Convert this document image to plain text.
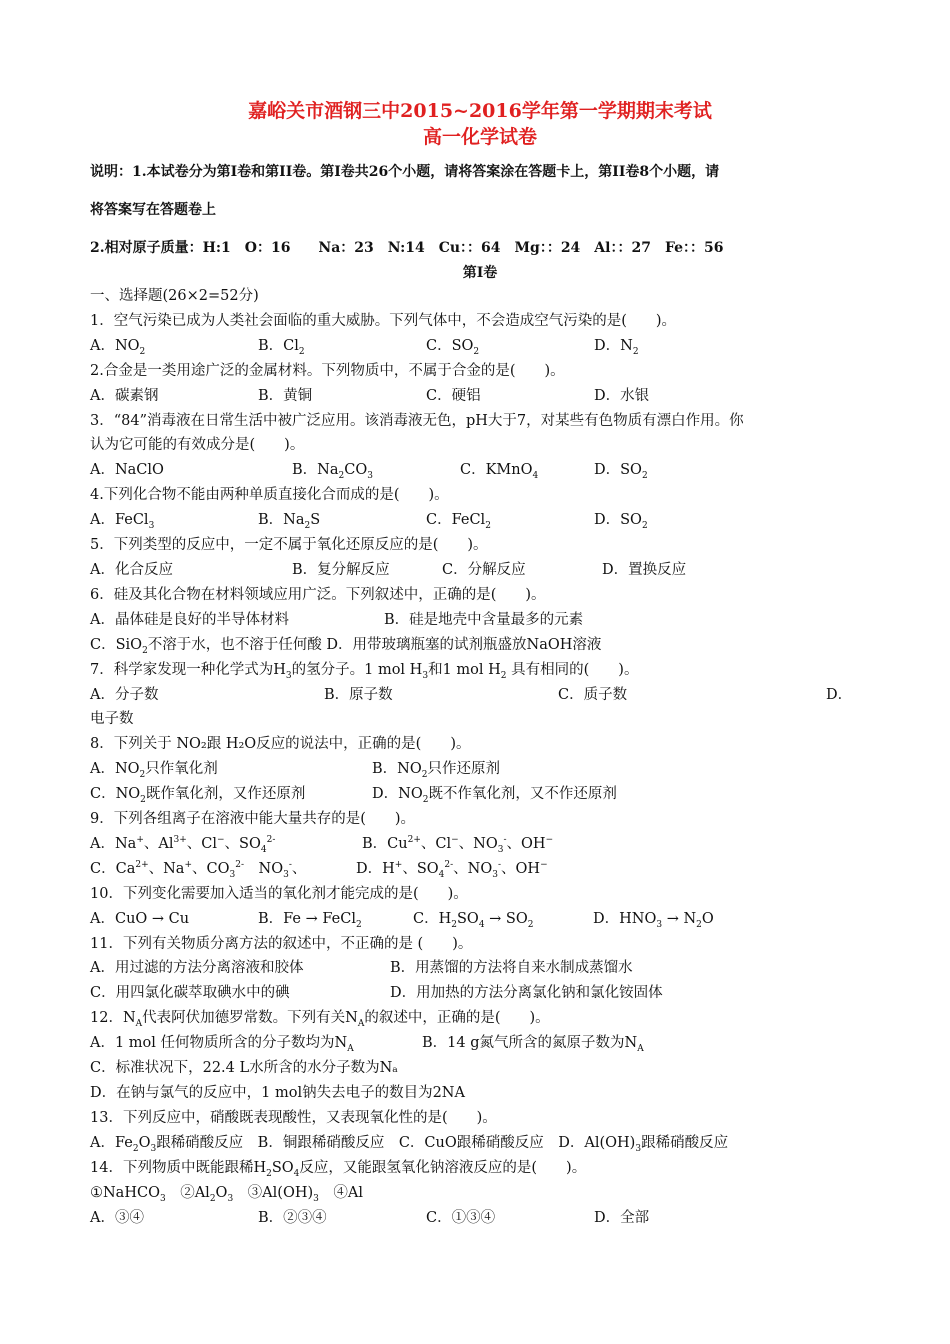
嘉峪关市酒钢三中2015~2016学年第一学期期末考试
高一化学试卷
说明：1.本试卷分为第I卷和第II卷。第I卷共26个小题，请将答案涂在答题卡上，第II卷8个小题，请
将答案写在答题卷上
2.相对原子质量：H:1　O：16　　Na：23　N:14　Cu：：64　Mg：：24　Al：：27　Fe：：56
第I卷
一、选择题(26×2=52分)
1．空气污染已成为人类社会面临的重大威胁。下列气体中，不会造成空气污染的是(　　)。
A．$NO_2$	B．$Cl_2$	C．$SO_2$	D．$N_2$
2.合金是一类用途广泛的金属材料。下列物质中，不属于合金的是(　　)。
A．碳素钢	B．黄铜	C．硬铝	D．水银
3．“84”消毒液在日常生活中被广泛应用。该消毒液无色，pH大于7，对某些有色物质有漂白作用。你
认为它可能的有效成分是(　　)。
A．NaClO	B．$Na_2CO_3$	C．KMnO$_4$	D．$SO_2$
4.下列化合物不能由两种单质直接化合而成的是(　　)。
A．FeCl$_3$	B．$Na_2S$	C．FeCl$_2$	D．$SO_2$
5．下列类型的反应中，一定不属于氧化还原反应的是(　　)。
A．化合反应	B．复分解反应	C．分解反应	D．置换反应
6．硅及其化合物在材料领域应用广泛。下列叙述中，正确的是(　　)。
A．晶体硅是良好的半导体材料	B．硅是地壳中含量最多的元素
C．SiO$_2$不溶于水，也不溶于任何酸 D．用带玻璃瓶塞的试剂瓶盛放NaOH溶液
7．科学家发现一种化学式为$H_3$的氢分子。1 mol $H_3$和1 mol $H_2$ 具有相同的(　　)。
A．分子数	B．原子数	C．质子数	D．
电子数
8．下列关于 NO₂跟 H₂O反应的说法中，正确的是(　　)。
A．$NO_2$只作氧化剂	B．$NO_2$只作还原剂
C．$NO_2$既作氧化剂，又作还原剂	D．$NO_2$既不作氧化剂，又不作还原剂
9．下列各组离子在溶液中能大量共存的是(　　)。
A．Na+、$Al^{3+}$、Cl−、$SO_4^{2-}$	B．$Cu^{2+}$、Cl−、$NO_3^-$、OH−
C．$Ca^{2+}$、Na+、$CO_3^{2-}$　$NO_3^-$、	D．H+、$SO_4^{2-}$、$NO_3^-$、OH−
10．下列变化需要加入适当的氧化剂才能完成的是(　　)。
A．CuO → Cu	B．Fe → FeCl$_2$	C．$H_2SO_4 \to SO_2$	D．$HNO_3 \to N_2O$
11．下列有关物质分离方法的叙述中，不正确的是 (　　)。
A．用过滤的方法分离溶液和胶体	B．用蒸馏的方法将自来水制成蒸馏水
C．用四氯化碳萃取碘水中的碘	D．用加热的方法分离氯化钠和氯化铵固体
12．$N_A$代表阿伏加德罗常数。下列有关$N_A$的叙述中，正确的是(　　)。
A．1 mol 任何物质所含的分子数均为$N_A$	B．14 g氮气所含的氮原子数为$N_A$
C．标准状况下，22.4 L水所含的水分子数为Nₐ
D．在钠与氯气的反应中，1 mol钠失去电子的数目为2NA
13．下列反应中，硝酸既表现酸性，又表现氧化性的是(　　)。
A．$Fe_2O_3$跟稀硝酸反应　B．铜跟稀硝酸反应　C．CuO跟稀硝酸反应　D．$Al(OH)_3$跟稀硝酸反应
14．下列物质中既能跟稀$H_2SO_4$反应，又能跟氢氧化钠溶液反应的是(　　)。
①NaHCO$_3$　$②Al_2O_3$　$③Al(OH)_3$　④Al
A．③④	B．②③④	C．①③④	D．全部
